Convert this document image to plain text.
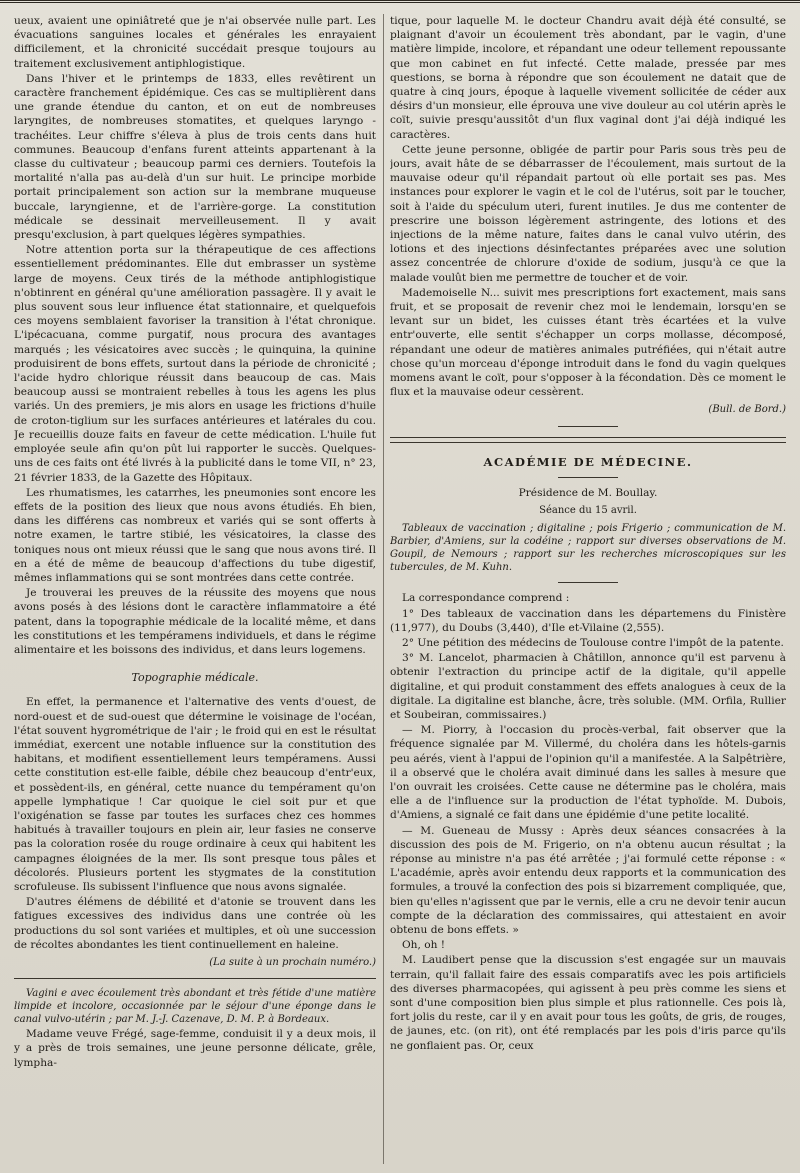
ueux, avaient une opiniâtreté que je n'ai observée nulle part. Les évacuations sanguines locales et générales les enrayaient difficilement, et la chronicité succédait presque toujours au traitement exclusivement antiphlogistique.

Dans l'hiver et le printemps de 1833, elles revêtirent un caractère franchement épidémique. Ces cas se multiplièrent dans une grande étendue du canton, et on eut de nombreuses laryngites, de nombreuses stomatites, et quelques laryngo - trachéites. Leur chiffre s'éleva à plus de trois cents dans huit communes. Beaucoup d'enfans furent atteints appartenant à la classe du cultivateur ; beaucoup parmi ces derniers. Toutefois la mortalité n'alla pas au-delà d'un sur huit. Le principe morbide portait principalement son action sur la membrane muqueuse buccale, laryngienne, et de l'arrière-gorge. La constitution médicale se dessinait merveilleusement. Il y avait presqu'exclusion, à part quelques légères sympathies.

Notre attention porta sur la thérapeutique de ces affections essentiellement prédominantes. Elle dut embrasser un système large de moyens. Ceux tirés de la méthode antiphlogistique n'obtinrent en général qu'une amélioration passagère. Il y avait le plus souvent sous leur influence état stationnaire, et quelquefois ces moyens semblaient favoriser la transition à l'état chronique. L'ipécacuana, comme purgatif, nous procura des avantages marqués ; les vésicatoires avec succès ; le quinquina, la quinine produisirent de bons effets, surtout dans la période de chronicité ; l'acide hydro chlorique réussit dans beaucoup de cas. Mais beaucoup aussi se montraient rebelles à tous les agens les plus variés. Un des premiers, je mis alors en usage les frictions d'huile de croton-tiglium sur les surfaces antérieures et latérales du cou. Je recueillis douze faits en faveur de cette médication. L'huile fut employée seule afin qu'on pût lui rapporter le succès. Quelques-uns de ces faits ont été livrés à la publicité dans le tome VII, n° 23, 21 février 1833, de la Gazette des Hôpitaux.

Les rhumatismes, les catarrhes, les pneumonies sont encore les effets de la position des lieux que nous avons étudiés. Eh bien, dans les différens cas nombreux et variés qui se sont offerts à notre examen, le tartre stibié, les vésicatoires, la classe des toniques nous ont mieux réussi que le sang que nous avons tiré. Il en a été de même de beaucoup d'affections du tube digestif, mêmes inflammations qui se sont montrées dans cette contrée.

Je trouverai les preuves de la réussite des moyens que nous avons posés à des lésions dont le caractère inflammatoire a été patent, dans la topographie médicale de la localité même, et dans les constitutions et les tempéramens individuels, et dans le régime alimentaire et les boissons des individus, et dans leurs logemens.

Topographie médicale.

En effet, la permanence et l'alternative des vents d'ouest, de nord-ouest et de sud-ouest que détermine le voisinage de l'océan, l'état souvent hygrométrique de l'air ; le froid qui en est le résultat immédiat, exercent une notable influence sur la constitution des habitans, et modifient essentiellement leurs tempéramens. Aussi cette constitution est-elle faible, débile chez beaucoup d'entr'eux, et possèdent-ils, en général, cette nuance du tempérament qu'on appelle lymphatique ! Car quoique le ciel soit pur et que l'oxigénation se fasse par toutes les surfaces chez ces hommes habitués à travailler toujours en plein air, leur fasies ne conserve pas la coloration rosée du rouge ordinaire à ceux qui habitent les campagnes éloignées de la mer. Ils sont presque tous pâles et décolorés. Plusieurs portent les stygmates de la constitution scrofuleuse. Ils subissent l'influence que nous avons signalée.

D'autres élémens de débilité et d'atonie se trouvent dans les fatigues excessives des individus dans une contrée où les productions du sol sont variées et multiples, et où une succession de récoltes abondantes les tient continuellement en haleine.

(La suite à un prochain numéro.)

Vagini e avec écoulement très abondant et très fétide d'une matière limpide et incolore, occasionnée par le séjour d'une éponge dans le canal vulvo-utérin ; par M. J.-J. Cazenave, D. M. P. à Bordeaux.

Madame veuve Frégé, sage-femme, conduisit il y a deux mois, il y a près de trois semaines, une jeune personne délicate, grêle, lympha-

tique, pour laquelle M. le docteur Chandru avait déjà été consulté, se plaignant d'avoir un écoulement très abondant, par le vagin, d'une matière limpide, incolore, et répandant une odeur tellement repoussante que mon cabinet en fut infecté. Cette malade, pressée par mes questions, se borna à répondre que son écoulement ne datait que de quatre à cinq jours, époque à laquelle vivement sollicitée de céder aux désirs d'un monsieur, elle éprouva une vive douleur au col utérin après le coït, suivie presqu'aussitôt d'un flux vaginal dont j'ai déjà indiqué les caractères.

Cette jeune personne, obligée de partir pour Paris sous très peu de jours, avait hâte de se débarrasser de l'écoulement, mais surtout de la mauvaise odeur qu'il répandait partout où elle portait ses pas. Mes instances pour explorer le vagin et le col de l'utérus, soit par le toucher, soit à l'aide du spéculum uteri, furent inutiles. Je dus me contenter de prescrire une boisson légèrement astringente, des lotions et des injections de la même nature, faites dans le canal vulvo utérin, des lotions et des injections désinfectantes préparées avec une solution assez concentrée de chlorure d'oxide de sodium, jusqu'à ce que la malade voulût bien me permettre de toucher et de voir.

Mademoiselle N... suivit mes prescriptions fort exactement, mais sans fruit, et se proposait de revenir chez moi le lendemain, lorsqu'en se levant sur un bidet, les cuisses étant très écartées et la vulve entr'ouverte, elle sentit s'échapper un corps mollasse, décomposé, répandant une odeur de matières animales putréfiées, qui n'était autre chose qu'un morceau d'éponge introduit dans le fond du vagin quelques momens avant le coït, pour s'opposer à la fécondation. Dès ce moment le flux et la mauvaise odeur cessèrent.

(Bull. de Bord.)
ACADÉMIE DE MÉDECINE.
Présidence de M. Boullay.
Séance du 15 avril.

Tableaux de vaccination ; digitaline ; pois Frigerio ; communication de M. Barbier, d'Amiens, sur la codéine ; rapport sur diverses observations de M. Goupil, de Nemours ; rapport sur les recherches microscopiques sur les tubercules, de M. Kuhn.

La correspondance comprend :

1° Des tableaux de vaccination dans les départemens du Finistère (11,977), du Doubs (3,440), d'Ile et-Vilaine (2,555).

2° Une pétition des médecins de Toulouse contre l'impôt de la patente.

3° M. Lancelot, pharmacien à Châtillon, annonce qu'il est parvenu à obtenir l'extraction du principe actif de la digitale, qu'il appelle digitaline, et qui produit constamment des effets analogues à ceux de la digitale. La digitaline est blanche, âcre, très soluble. (MM. Orfila, Rullier et Soubeiran, commissaires.)

— M. Piorry, à l'occasion du procès-verbal, fait observer que la fréquence signalée par M. Villermé, du choléra dans les hôtels-garnis peu aérés, vient à l'appui de l'opinion qu'il a manifestée. A la Salpêtrière, il a observé que le choléra avait diminué dans les salles à mesure que l'on ouvrait les croisées. Cette cause ne détermine pas le choléra, mais elle a de l'influence sur la production de l'état typhoïde. M. Dubois, d'Amiens, a signalé ce fait dans une épidémie d'une petite localité.

— M. Gueneau de Mussy : Après deux séances consacrées à la discussion des pois de M. Frigerio, on n'a obtenu aucun résultat ; la réponse au ministre n'a pas été arrêtée ; j'ai formulé cette réponse : « L'académie, après avoir entendu deux rapports et la communication des formules, a trouvé la confection des pois si bizarrement compliquée, que, bien qu'elles n'agissent que par le vernis, elle a cru ne devoir tenir aucun compte de la déclaration des commissaires, qui attestaient en avoir obtenu de bons effets. »

Oh, oh !

M. Laudibert pense que la discussion s'est engagée sur un mauvais terrain, qu'il fallait faire des essais comparatifs avec les pois artificiels des diverses pharmacopées, qui agissent à peu près comme les siens et sont d'une composition bien plus simple et plus rationnelle. Ces pois là, fort jolis du reste, car il y en avait pour tous les goûts, de gris, de rouges, de jaunes, etc. (on rit), ont été remplacés par les pois d'iris parce qu'ils ne gonflaient pas. Or, ceux
